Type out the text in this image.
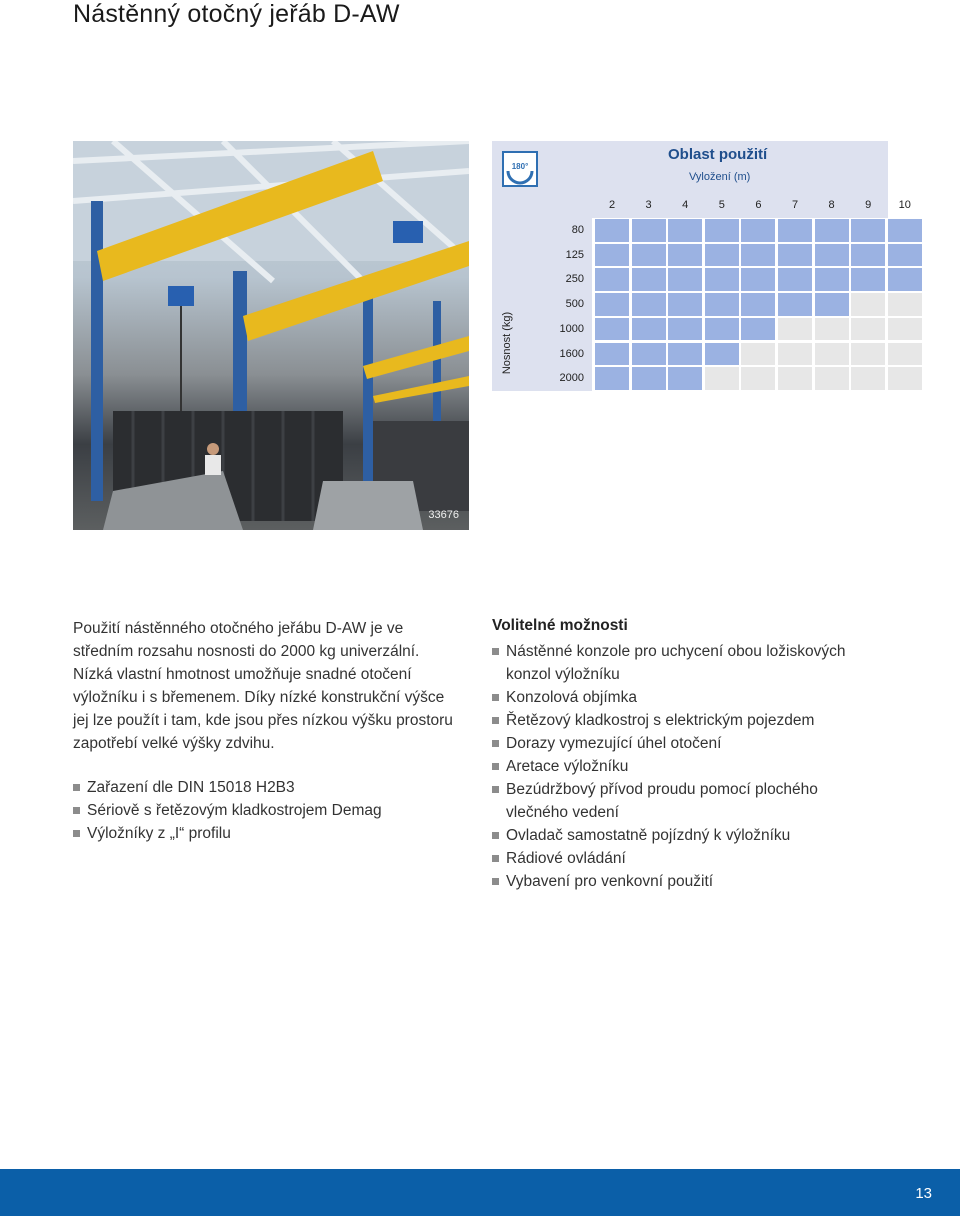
Nástěnný otočný jeřáb D-AW
33676
180°
Oblast použití
Vyložení (m)
2	3	4	5	6	7	8	9	10
Nosnost (kg)
80
125
250
500
1000
1600
2000

Použití nástěnného otočného jeřábu D-AW je ve

středním rozsahu nosnosti do 2000 kg univerzální.

Nízká vlastní hmotnost umožňuje snadné otočení

výložníku i s břemenem. Díky nízké konstrukční výšce

jej lze použít i tam, kde jsou přes nízkou výšku prostoru

zapotřebí velké výšky zdvihu.

Zařazení dle DIN 15018 H2B3
Sériově s řetězovým kladkostrojem Demag
Výložníky z „I“ profilu
Volitelné možnosti
Nástěnné konzole pro uchycení obou ložiskových
konzol výložníku
Konzolová objímka
Řetězový kladkostroj s elektrickým pojezdem
Dorazy vymezující úhel otočení
Aretace výložníku
Bezúdržbový přívod proudu pomocí plochého
vlečného vedení
Ovladač samostatně pojízdný k výložníku
Rádiové ovládání
Vybavení pro venkovní použití
13
